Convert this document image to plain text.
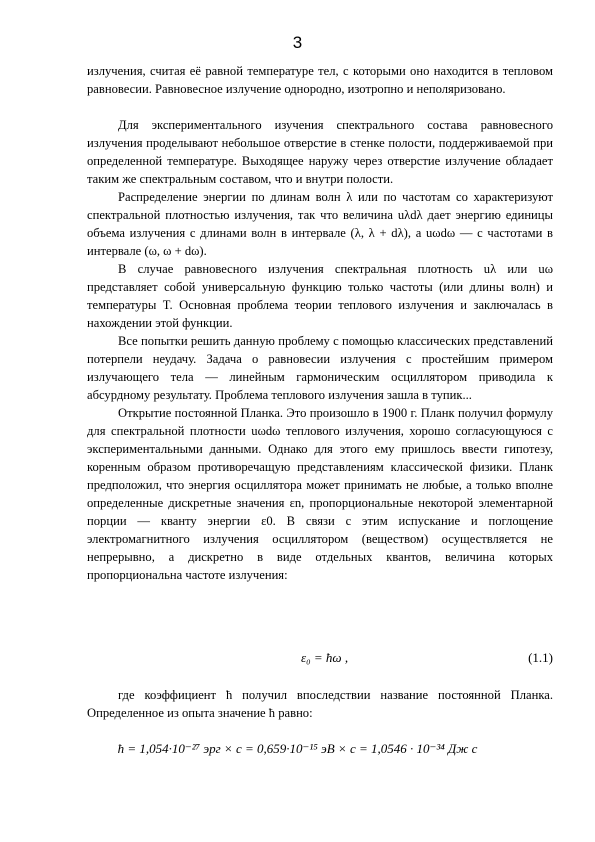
3

излучения, считая её равной температуре тел, с которыми оно находится в тепловом равновесии. Равновесное излучение однородно, изотропно и неполяризовано.

Для экспериментального изучения спектрального состава равновесного излучения проделывают небольшое отверстие в стенке полости, поддерживаемой при определенной температуре. Выходящее наружу через отверстие излучение обладает таким же спектральным составом, что и внутри полости.

Распределение энергии по длинам волн λ или по частотам со характеризуют спектральной плотностью излучения, так что величина uλdλ дает энергию единицы объема излучения с длинами волн в интервале (λ, λ + dλ), а uωdω — с частотами в интервале (ω, ω + dω).

В случае равновесного излучения спектральная плотность uλ или uω представляет собой универсальную функцию только частоты (или длины волн) и температуры T. Основная проблема теории теплового излучения и заключалась в нахождении этой функции.

Все попытки решить данную проблему с помощью классических представлений потерпели неудачу. Задача о равновесии излучения с простейшим примером излучающего тела — линейным гармоническим осциллятором приводила к абсурдному результату. Проблема теплового излучения зашла в тупик...

Открытие постоянной Планка. Это произошло в 1900 г. Планк получил формулу для спектральной плотности uωdω теплового излучения, хорошо согласующуюся с экспериментальными данными. Однако для этого ему пришлось ввести гипотезу, коренным образом противоречащую представлениям классической физики. Планк предположил, что энергия осциллятора может принимать не любые, а только вполне определенные дискретные значения εn, пропорциональные некоторой элементарной порции — кванту энергии ε0. В связи с этим испускание и поглощение электромагнитного излучения осциллятором (веществом) осуществляется не непрерывно, а дискретно в виде отдельных квантов, величина которых пропорциональна частоте излучения:

ε₀ = ħω ,	(1.1)

где коэффициент ħ получил впоследствии название постоянной Планка. Определенное из опыта значение ħ равно:

ħ = 1,054·10⁻²⁷ эрг × с = 0,659·10⁻¹⁵ эВ × с = 1,0546 · 10⁻³⁴ Дж с
